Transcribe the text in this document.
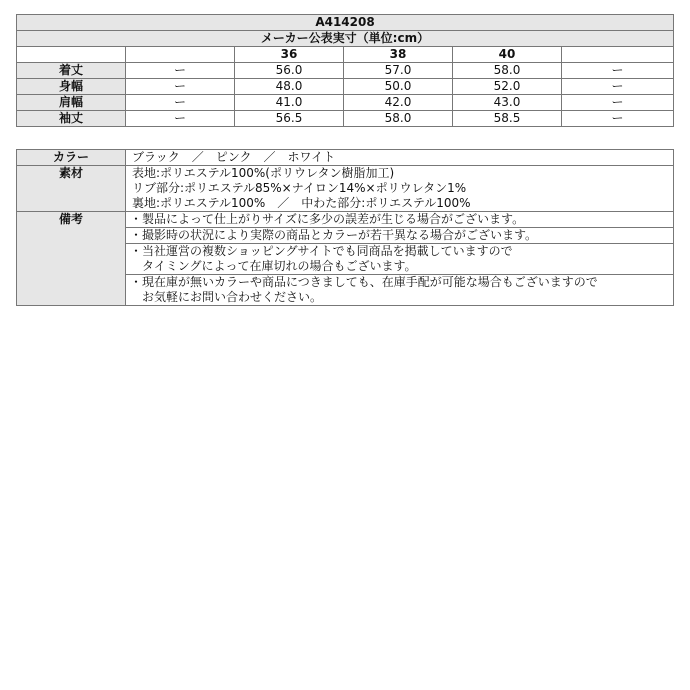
A414208					
メーカー公表実寸（単位:cm）					
		36	38	40	
着丈	ー	56.0	57.0	58.0	ー
身幅	ー	48.0	50.0	52.0	ー
肩幅	ー	41.0	42.0	43.0	ー
袖丈	ー	56.5	58.0	58.5	ー
カラー	ブラック　／　ピンク　／　ホワイト
素材	表地:ポリエステル100%(ポリウレタン樹脂加工)
リブ部分:ポリエステル85%×ナイロン14%×ポリウレタン1%
裏地:ポリエステル100%　／　中わた部分:ポリエステル100%

備考	・製品によって仕上がりサイズに多少の誤差が生じる場合がございます。

	・撮影時の状況により実際の商品とカラーが若干異なる場合がございます。

	・当社運営の複数ショッピングサイトでも同商品を掲載していますので
　タイミングによって在庫切れの場合もございます。

	・現在庫が無いカラーや商品につきましても、在庫手配が可能な場合もございますので
　お気軽にお問い合わせください。
